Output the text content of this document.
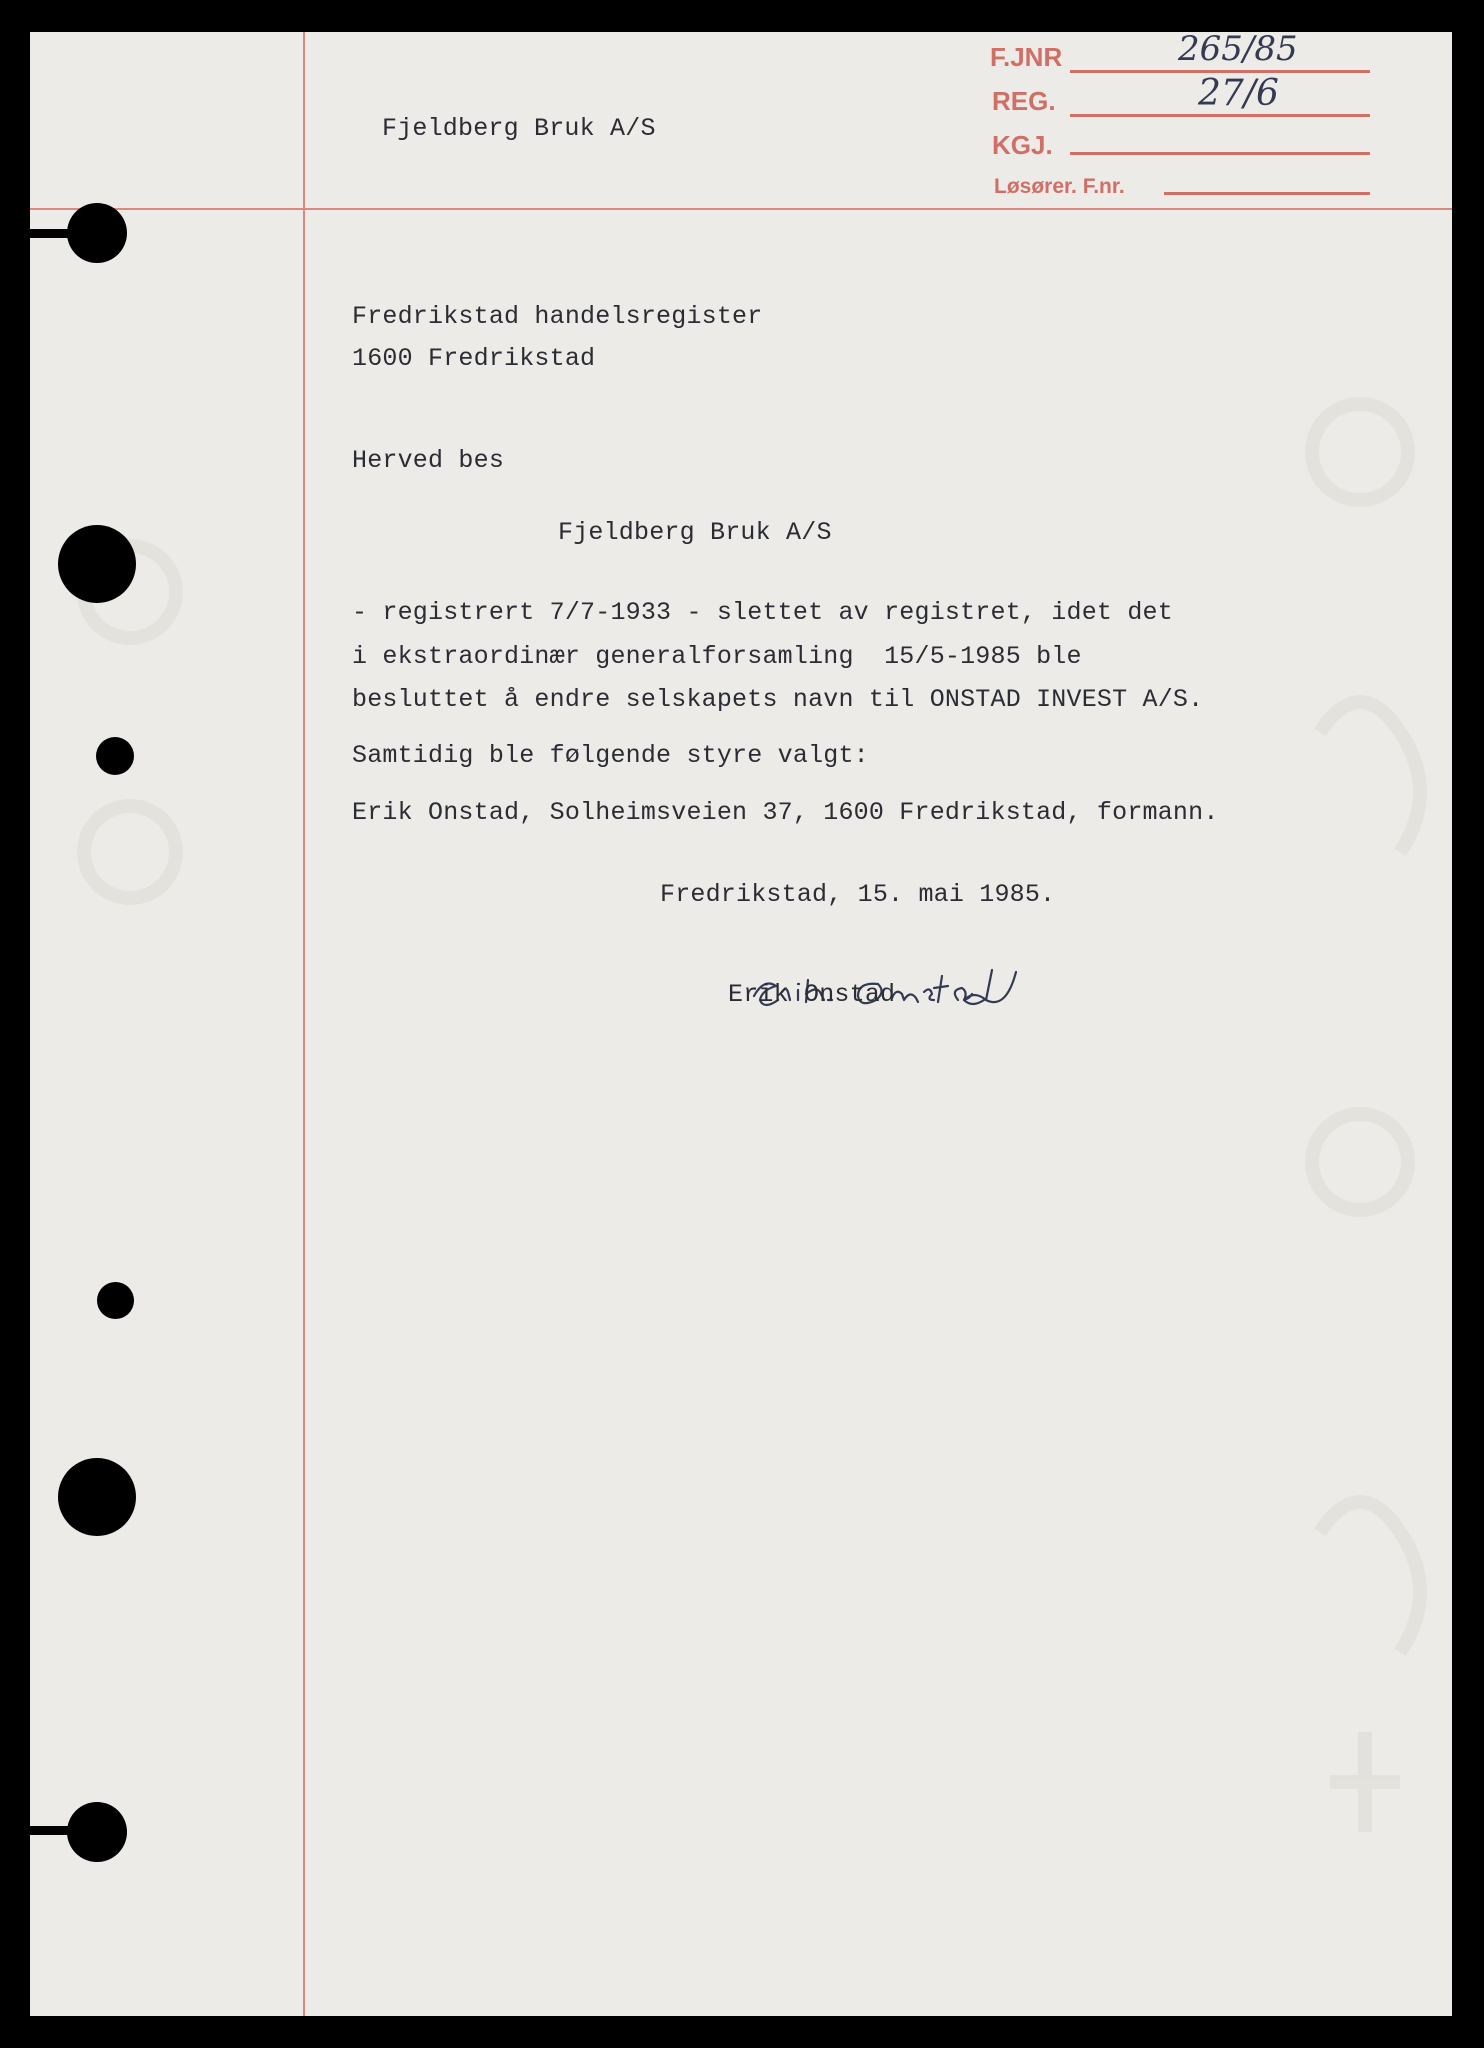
F.JNR	265/85
REG.	27/6
KGJ.
Løsører. F.nr.
Fjeldberg Bruk A/S
Fredrikstad handelsregister
1600 Fredrikstad
Herved bes
Fjeldberg Bruk A/S
- registrert 7/7-1933 - slettet av registret, idet det
i ekstraordinær generalforsamling  15/5-1985 ble
besluttet å endre selskapets navn til ONSTAD INVEST A/S.
Samtidig ble følgende styre valgt:
Erik Onstad, Solheimsveien 37, 1600 Fredrikstad, formann.
Fredrikstad, 15. mai 1985.
Erik Onstad
